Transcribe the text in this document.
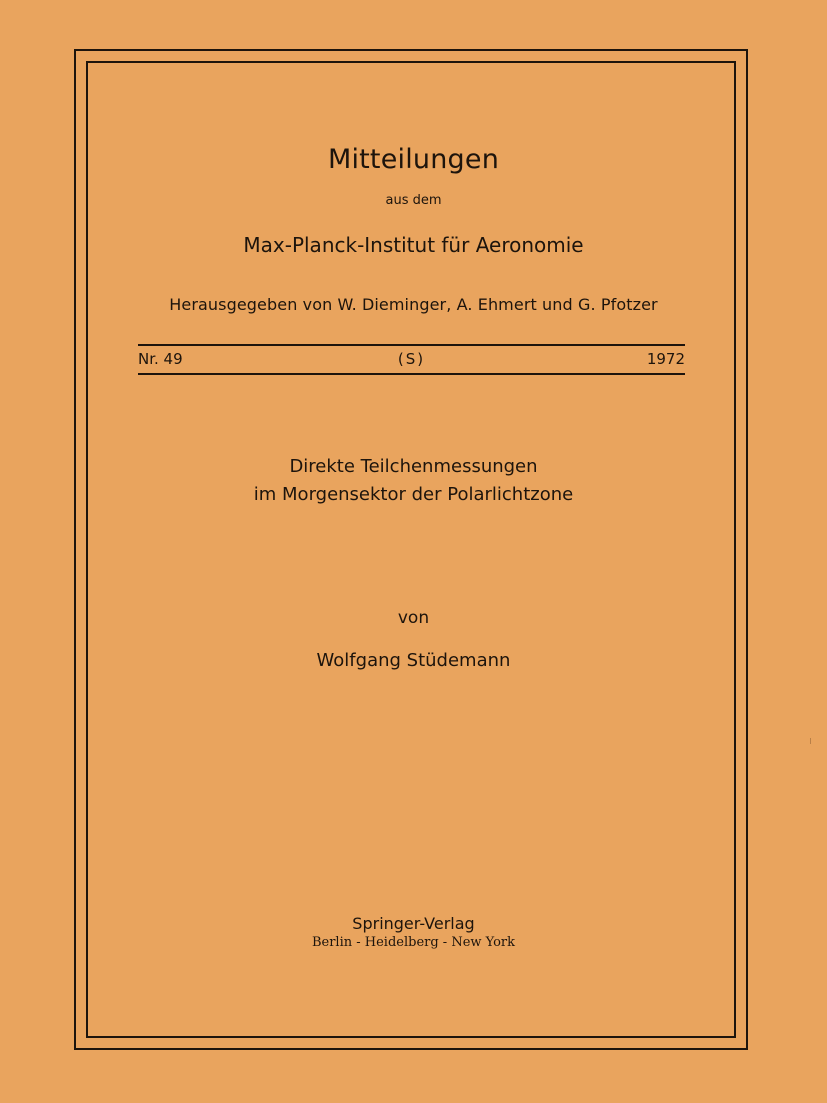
Mitteilungen
aus dem
Max-Planck-Institut für Aeronomie
Herausgegeben von W. Dieminger, A. Ehmert und G. Pfotzer
Nr. 49	(S)	1972
Direkte Teilchenmessungen
im Morgensektor der Polarlichtzone
von
Wolfgang Stüdemann
Springer-Verlag
Berlin - Heidelberg - New York
